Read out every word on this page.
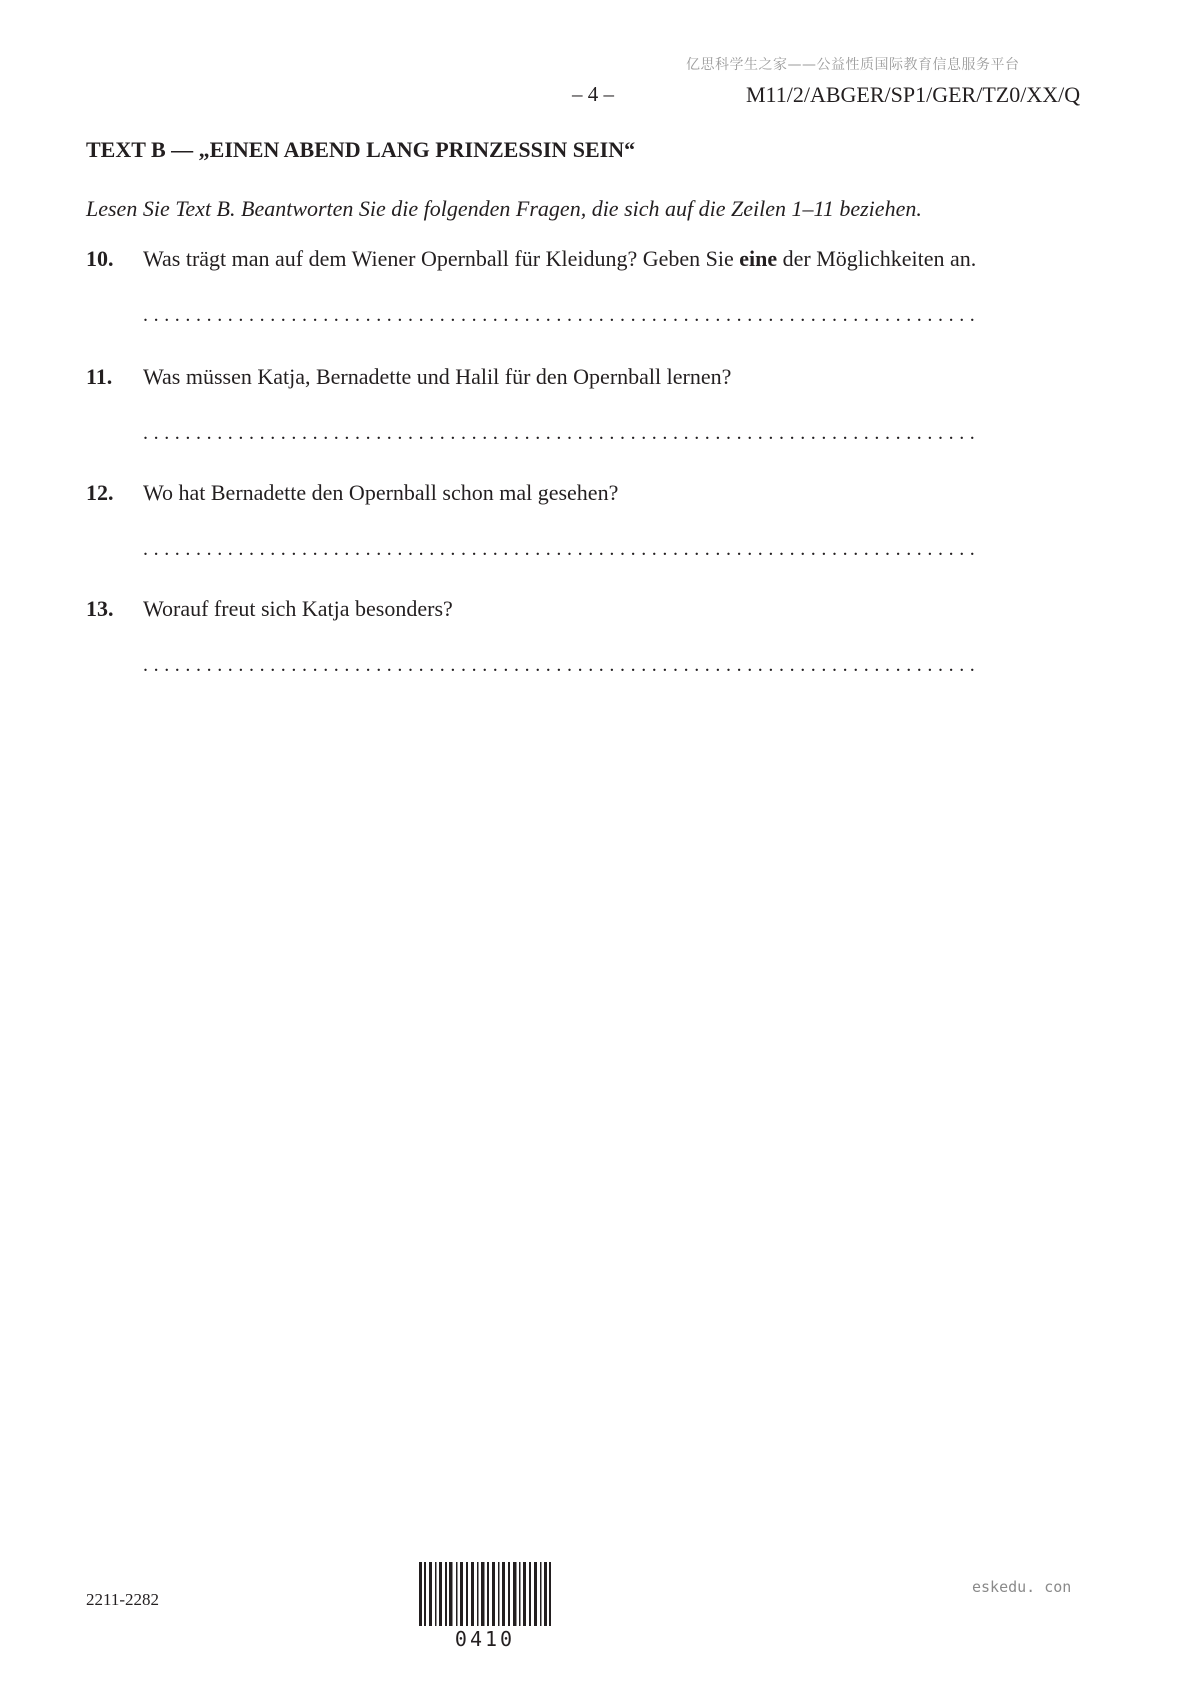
亿思科学生之家——公益性质国际教育信息服务平台
– 4 –	M11/2/ABGER/SP1/GER/TZ0/XX/Q
TEXT B — „EINEN ABEND LANG PRINZESSIN SEIN“
Lesen Sie Text B. Beantworten Sie die folgenden Fragen, die sich auf die Zeilen 1–11 beziehen.
10. Was trägt man auf dem Wiener Opernball für Kleidung? Geben Sie eine der Möglichkeiten an.
...............................................................................
11. Was müssen Katja, Bernadette und Halil für den Opernball lernen?
...............................................................................
12. Wo hat Bernadette den Opernball schon mal gesehen?
...............................................................................
13. Worauf freut sich Katja besonders?
...............................................................................
2211-2282
0410
eskedu. con
